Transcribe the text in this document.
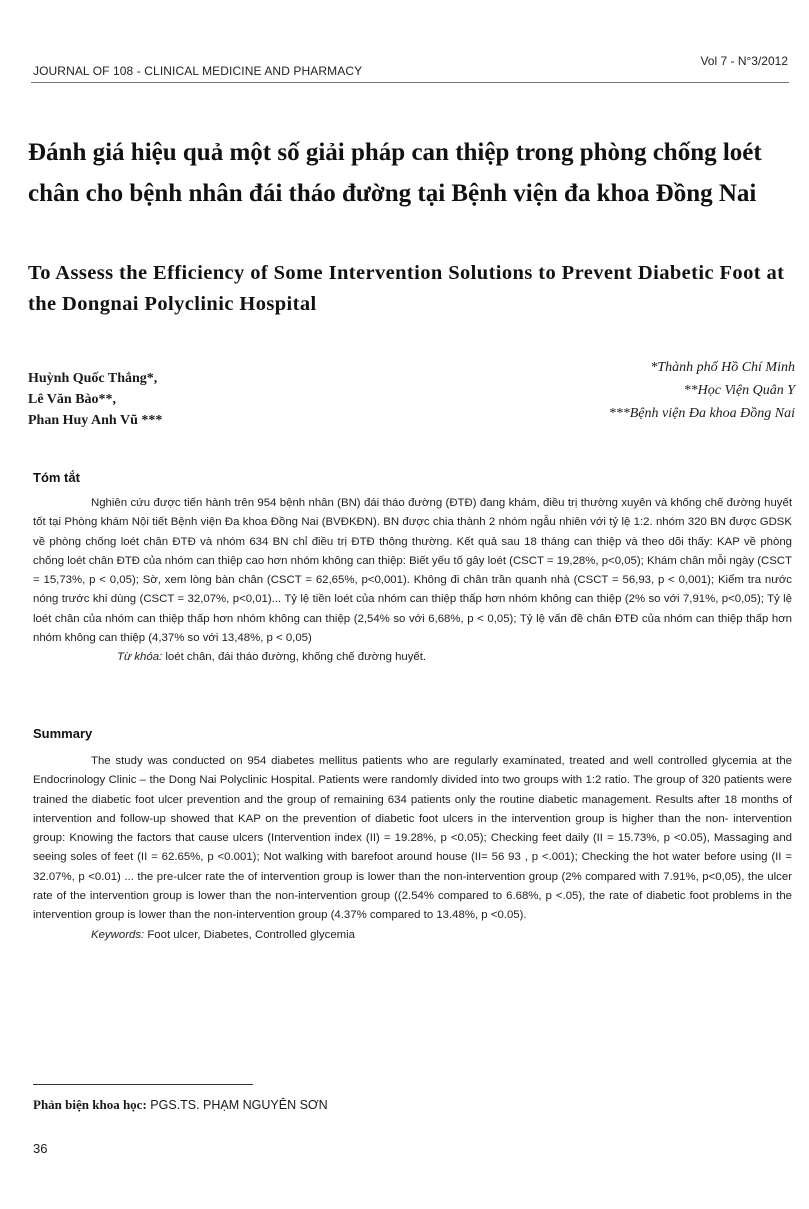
JOURNAL OF 108 - CLINICAL MEDICINE AND PHARMACY
Vol 7 - N°3/2012
Đánh giá hiệu quả một số giải pháp can thiệp trong phòng chống loét chân cho bệnh nhân đái tháo đường tại Bệnh viện đa khoa Đồng Nai
To Assess the Efficiency of Some Intervention Solutions to Prevent Diabetic Foot at the Dongnai Polyclinic Hospital
Huỳnh Quốc Thắng*,
Lê Văn Bào**,
Phan Huy Anh Vũ ***
*Thành phố Hồ Chí Minh
**Học Viện Quân Y
***Bệnh viện Đa khoa Đồng Nai
Tóm tắt

Nghiên cứu được tiến hành trên 954 bệnh nhân (BN) đái tháo đường (ĐTĐ) đang khám, điều trị thường xuyên và khống chế đường huyết tốt tại Phòng khám Nội tiết Bệnh viện Đa khoa Đồng Nai (BVĐKĐN). BN được chia thành 2 nhóm ngẫu nhiên với tỷ lệ 1:2. nhóm 320 BN được GDSK về phòng chống loét chân ĐTĐ và nhóm 634 BN chỉ điều trị ĐTĐ thông thường. Kết quả sau 18 tháng can thiệp và theo dõi thấy: KAP về phòng chống loét chân ĐTĐ của nhóm can thiệp cao hơn nhóm không can thiệp: Biết yếu tố gây loét (CSCT = 19,28%, p<0,05); Khám chân mỗi ngày (CSCT = 15,73%, p < 0,05); Sờ, xem lòng bàn chân (CSCT = 62,65%, p<0,001). Không đi chân trần quanh nhà (CSCT = 56,93, p < 0,001); Kiểm tra nước nóng trước khi dùng (CSCT = 32,07%, p<0,01)... Tỷ lệ tiền loét của nhóm can thiệp thấp hơn nhóm không can thiệp (2% so với 7,91%, p<0,05); Tỷ lệ loét chân của nhóm can thiệp thấp hơn nhóm không can thiệp (2,54% so với 6,68%, p < 0,05); Tỷ lệ vấn đề chân ĐTĐ của nhóm can thiệp thấp hơn nhóm không can thiệp (4,37% so với 13,48%, p < 0,05)

Từ khóa: loét chân, đái tháo đường, khống chế đường huyết.
Summary

The study was conducted on 954 diabetes mellitus patients who are regularly examinated, treated and well controlled glycemia at the Endocrinology Clinic – the Dong Nai Polyclinic Hospital. Patients were randomly divided into two groups with 1:2 ratio. The group of 320 patients were trained the diabetic foot ulcer prevention and the group of remaining 634 patients only the routine diabetic management. Results after 18 months of intervention and follow-up showed that KAP on the prevention of diabetic foot ulcers in the intervention group is higher than the non- intervention group: Knowing the factors that cause ulcers (Intervention index (II) = 19.28%, p <0.05); Checking feet daily (II = 15.73%, p <0.05), Massaging and seeing soles of feet (II = 62.65%, p <0.001); Not walking with barefoot around house (II= 56 93 , p <.001); Checking the hot water before using (II = 32.07%, p <0.01) ... the pre-ulcer rate the of intervention group is lower than the non-intervention group (2% compared with 7.91%, p<0,05), the ulcer rate of the intervention group is lower than the non-intervention group ((2.54% compared to 6.68%, p <.05), the rate of diabetic foot problems in the intervention group is lower than the non-intervention group (4.37% compared to 13.48%, p <0.05).

Keywords: Foot ulcer, Diabetes, Controlled glycemia
Phản biện khoa học: PGS.TS. PHẠM NGUYÊN SƠN
36
